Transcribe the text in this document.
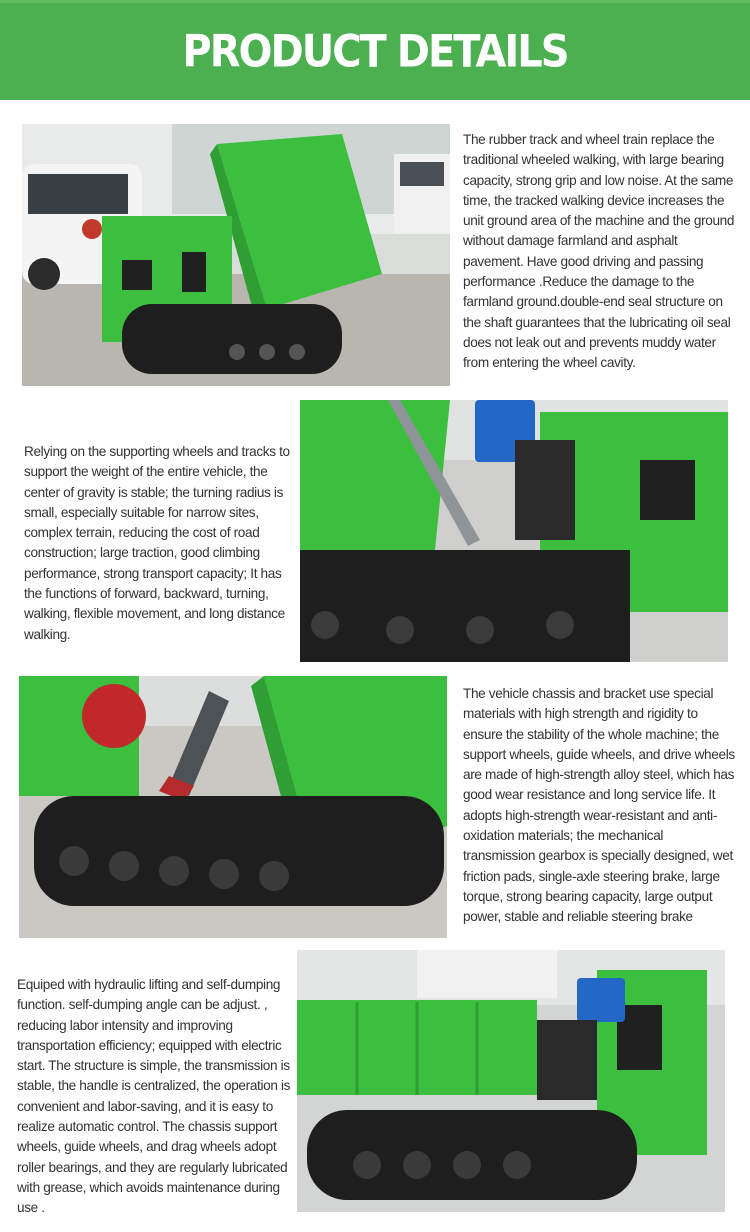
PRODUCT DETAILS

The rubber track and wheel train replace the traditional wheeled walking, with large bearing capacity, strong grip and low noise. At the same time, the tracked walking device increases the unit ground area of the machine and the ground without damage farmland and asphalt pavement. Have good driving and passing performance .Reduce the damage to the farmland ground.double-end seal structure on the shaft guarantees that the lubricating oil seal does not leak out and prevents muddy water from entering the wheel cavity.

Relying on the supporting wheels and tracks to support the weight of the entire vehicle, the center of gravity is stable; the turning radius is small, especially suitable for narrow sites, complex terrain, reducing the cost of road construction; large traction, good climbing performance, strong transport capacity; It has the functions of forward, backward, turning, walking, flexible movement, and long distance walking.

The vehicle chassis and bracket use special materials with high strength and rigidity to ensure the stability of the whole machine; the support wheels, guide wheels, and drive wheels are made of high-strength alloy steel, which has good wear resistance and long service life. It adopts high-strength wear-resistant and anti-oxidation materials; the mechanical transmission gearbox is specially designed, wet friction pads, single-axle steering brake, large torque, strong bearing capacity, large output power, stable and reliable steering brake

Equiped with hydraulic lifting and self-dumping function. self-dumping angle can be adjust. , reducing labor intensity and improving transportation efficiency; equipped with electric start. The structure is simple, the transmission is stable, the handle is centralized, the operation is convenient and labor-saving, and it is easy to realize automatic control. The chassis support wheels, guide wheels, and drag wheels adopt roller bearings, and they are regularly lubricated with grease, which avoids maintenance during use .
